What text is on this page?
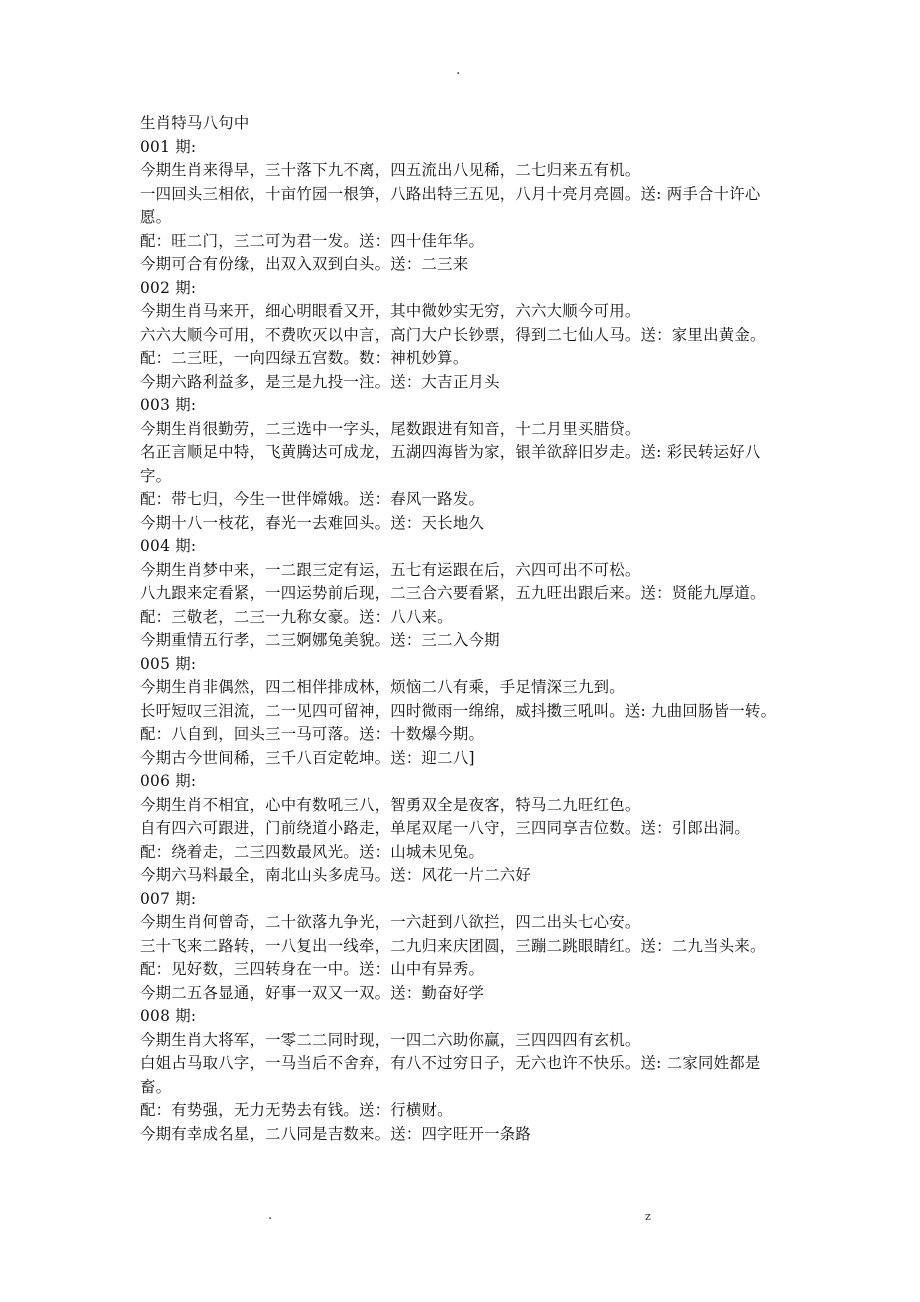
.
生肖特马八句中
001 期:
今期生肖来得早，三十落下九不离，四五流出八见稀，二七归来五有机。
一四回头三相依，十亩竹园一根笋，八路出特三五见，八月十亮月亮圆。送: 两手合十许心愿。
配：旺二门，三二可为君一发。送：四十佳年华。
今期可合有份缘，出双入双到白头。送：二三来
002 期:
今期生肖马来开，细心明眼看又开，其中微妙实无穷，六六大顺今可用。
六六大顺今可用，不费吹灭以中言，高门大户长钞票，得到二七仙人马。送：家里出黄金。
配：二三旺，一向四绿五宫数。数：神机妙算。
今期六路利益多，是三是九投一注。送：大吉正月头
003 期:
今期生肖很勤劳，二三选中一字头，尾数跟进有知音，十二月里买腊贷。
名正言顺足中特，飞黄腾达可成龙，五湖四海皆为家，银羊欲辞旧岁走。送: 彩民转运好八字。
配：带七归，今生一世伴嫦娥。送：春风一路发。
今期十八一枝花，春光一去难回头。送：天长地久
004 期:
今期生肖梦中来，一二跟三定有运，五七有运跟在后，六四可出不可松。
八九跟来定看紧，一四运势前后现，二三合六要看紧，五九旺出跟后来。送：贤能九厚道。
配：三敬老，二三一九称女豪。送：八八来。
今期重情五行孝，二三婀娜兔美貌。送：三二入今期
005 期:
今期生肖非偶然，四二相伴排成林，烦恼二八有乘，手足情深三九到。
长吁短叹三泪流，二一见四可留神，四时微雨一绵绵，威抖擞三吼叫。送: 九曲回肠皆一转。
配：八自到，回头三一马可落。送：十数爆今期。
今期古今世间稀，三千八百定乾坤。送：迎二八]
006 期:
今期生肖不相宜，心中有数吼三八，智勇双全是夜客，特马二九旺红色。
自有四六可跟进，门前绕道小路走，单尾双尾一八守，三四同享吉位数。送：引郎出洞。
配：绕着走，二三四数最风光。送：山城未见兔。
今期六马料最全，南北山头多虎马。送：风花一片二六好
007 期:
今期生肖何曾奇，二十欲落九争光，一六赶到八欲拦，四二出头七心安。
三十飞来二路转，一八复出一线牵，二九归来庆团圆，三蹦二跳眼睛红。送：二九当头来。
配：见好数，三四转身在一中。送：山中有异秀。
今期二五各显通，好事一双又一双。送：勤奋好学
008 期:
今期生肖大将军，一零二二同时现，一四二六助你赢，三四四四有玄机。
白姐占马取八字，一马当后不舍弃，有八不过穷日子，无六也许不快乐。送: 二家同姓都是畜。
配：有势强，无力无势去有钱。送：行横财。
今期有幸成名星，二八同是吉数来。送：四字旺开一条路
.	z
